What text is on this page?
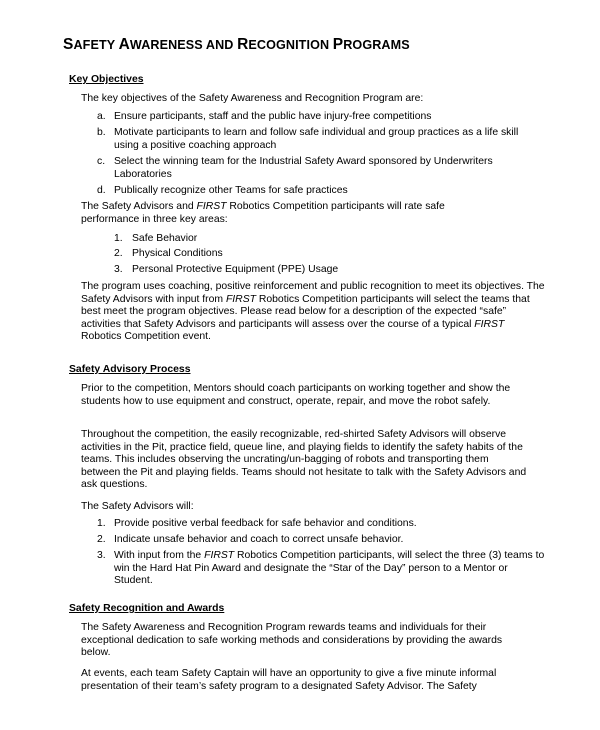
SAFETY AWARENESS AND RECOGNITION PROGRAMS
Key Objectives
The key objectives of the Safety Awareness and Recognition Program are:
a. Ensure participants, staff and the public have injury-free competitions
b. Motivate participants to learn and follow safe individual and group practices as a life skill using a positive coaching approach
c. Select the winning team for the Industrial Safety Award sponsored by Underwriters Laboratories
d. Publically recognize other Teams for safe practices
The Safety Advisors and FIRST Robotics Competition participants will rate safe performance in three key areas:
1. Safe Behavior
2. Physical Conditions
3. Personal Protective Equipment (PPE) Usage
The program uses coaching, positive reinforcement and public recognition to meet its objectives. The Safety Advisors with input from FIRST Robotics Competition participants will select the teams that best meet the program objectives. Please read below for a description of the expected “safe” activities that Safety Advisors and participants will assess over the course of a typical FIRST Robotics Competition event.
Safety Advisory Process
Prior to the competition, Mentors should coach participants on working together and show the students how to use equipment and construct, operate, repair, and move the robot safely.
Throughout the competition, the easily recognizable, red-shirted Safety Advisors will observe activities in the Pit, practice field, queue line, and playing fields to identify the safety habits of the teams. This includes observing the uncrating/un-bagging of robots and transporting them between the Pit and playing fields. Teams should not hesitate to talk with the Safety Advisors and ask questions.
The Safety Advisors will:
1. Provide positive verbal feedback for safe behavior and conditions.
2. Indicate unsafe behavior and coach to correct unsafe behavior.
3. With input from the FIRST Robotics Competition participants, will select the three (3) teams to win the Hard Hat Pin Award and designate the “Star of the Day” person to a Mentor or Student.
Safety Recognition and Awards
The Safety Awareness and Recognition Program rewards teams and individuals for their exceptional dedication to safe working methods and considerations by providing the awards below.
At events, each team Safety Captain will have an opportunity to give a five minute informal presentation of their team’s safety program to a designated Safety Advisor. The Safety
